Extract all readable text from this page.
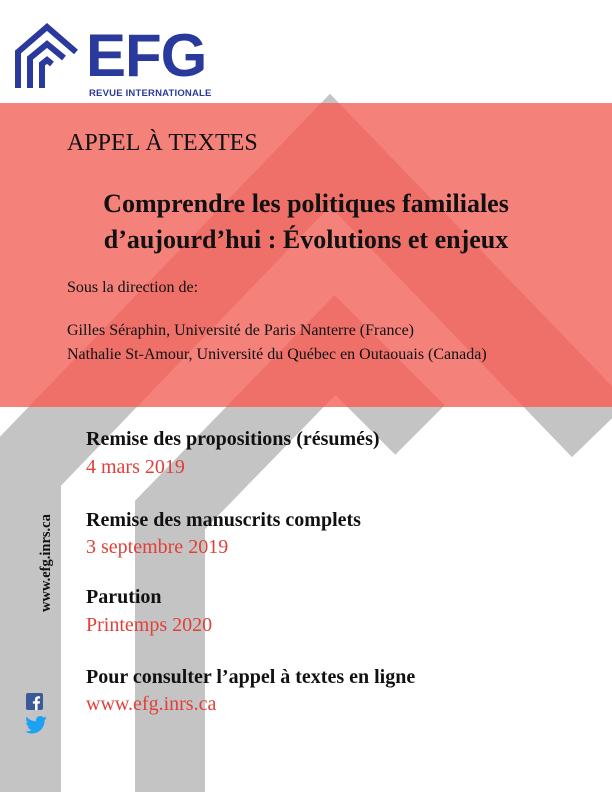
EFG
REVUE INTERNATIONALE
APPEL À TEXTES
Comprendre les politiques familiales
d’aujourd’hui : Évolutions et enjeux
Sous la direction de:
Gilles Séraphin, Université de Paris Nanterre (France)
Nathalie St-Amour, Université du Québec en Outaouais (Canada)
Remise des propositions (résumés)
4 mars 2019
Remise des manuscrits complets
3 septembre 2019
Parution
Printemps 2020
Pour consulter l’appel à textes en ligne
www.efg.inrs.ca
www.efg.inrs.ca
